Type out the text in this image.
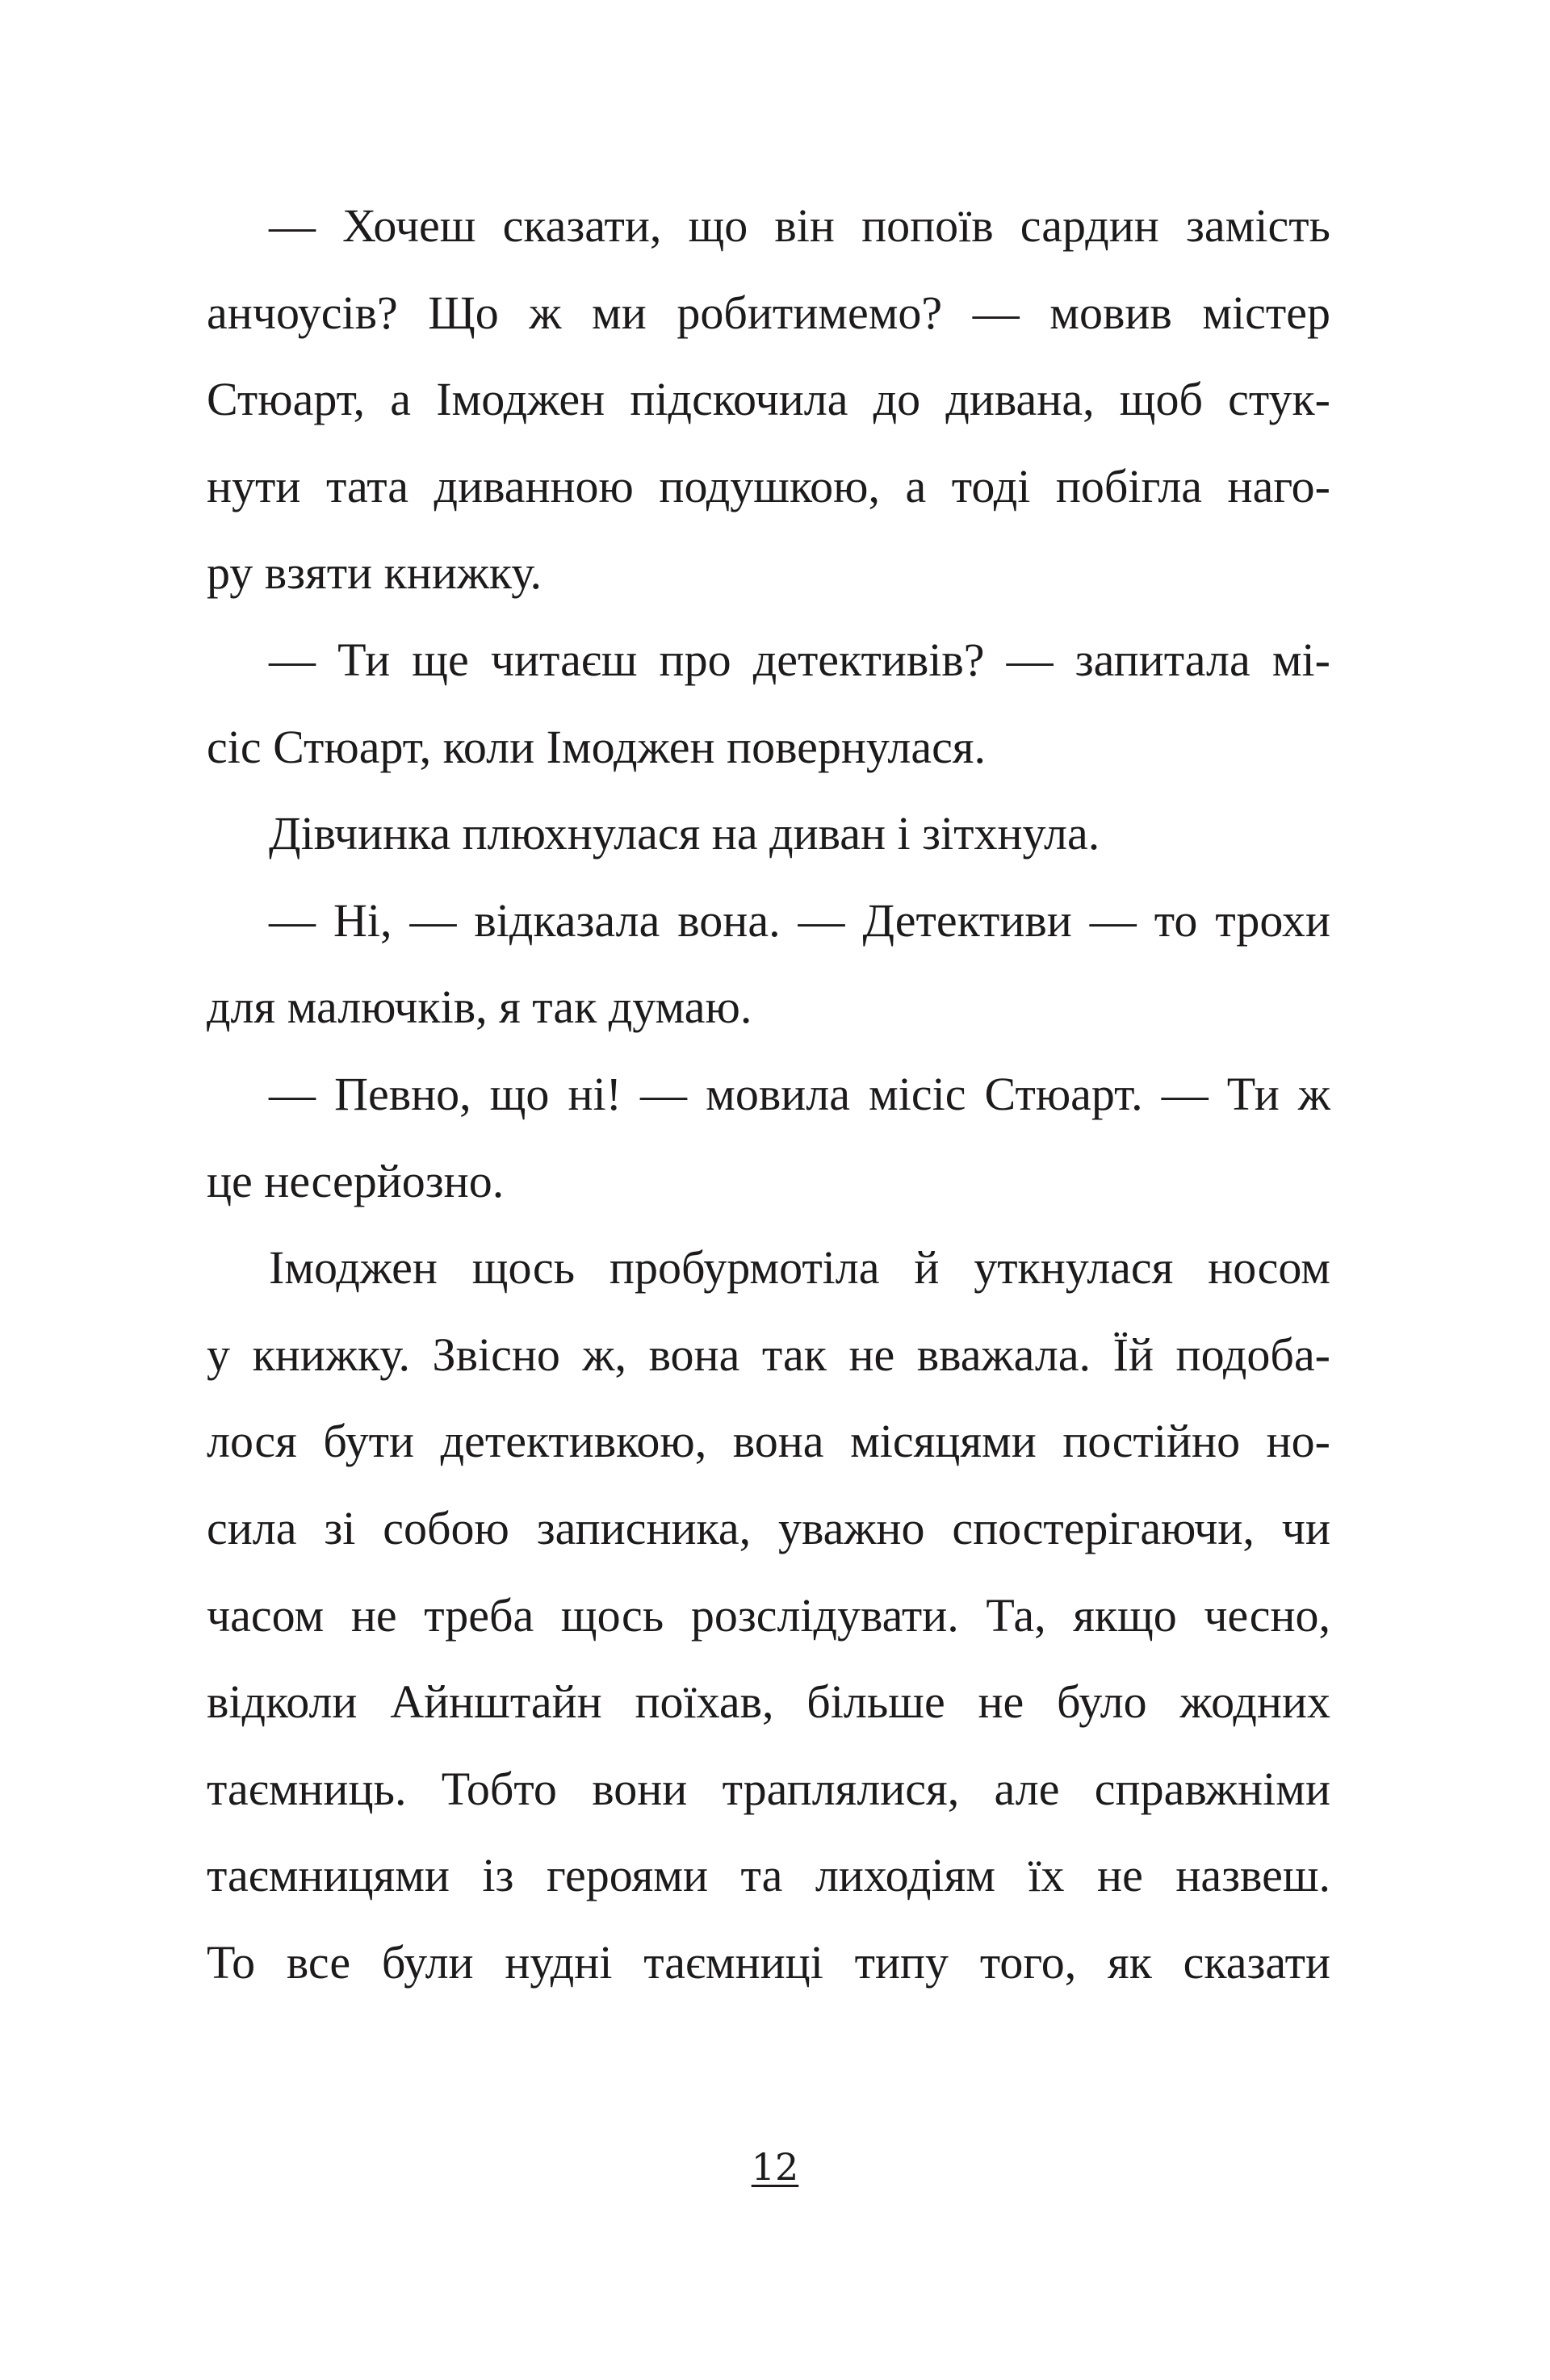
— Хочеш сказати, що він попоїв сардин замість
анчоусів? Що ж ми робитимемо? — мовив містер
Стюарт, а Імоджен підскочила до дивана, щоб стук-
нути тата диванною подушкою, а тоді побігла наго-
ру взяти книжку.
— Ти ще читаєш про детективів? — запитала мі-
сіс Стюарт, коли Імоджен повернулася.
Дівчинка плюхнулася на диван і зітхнула.
— Ні, — відказала вона. — Детективи — то трохи
для малючків, я так думаю.
— Певно, що ні! — мовила місіс Стюарт. — Ти ж
це несерйозно.
Імоджен щось пробурмотіла й уткнулася носом
у книжку. Звісно ж, вона так не вважала. Їй подоба-
лося бути детективкою, вона місяцями постійно но-
сила зі собою записника, уважно спостерігаючи, чи
часом не треба щось розслідувати. Та, якщо чесно,
відколи Айнштайн поїхав, більше не було жодних
таємниць. Тобто вони траплялися, але справжніми
таємницями із героями та лиходіям їх не назвеш.
То все були нудні таємниці типу того, як сказати
12
